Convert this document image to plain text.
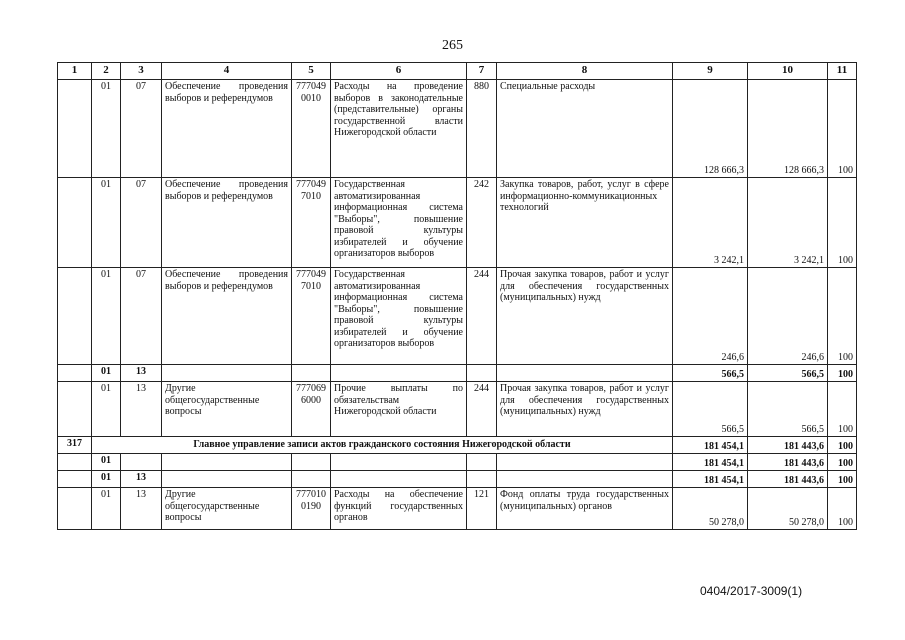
265
1	2	3	4	5	6	7	8	9	10	11
	01	07	Обеспечение проведения выборов и референдумов	777049 0010	Расходы на проведение выборов в законодательные (представительные) органы государственной власти Нижегородской области	880	Специальные расходы	128 666,3	128 666,3	100
	01	07	Обеспечение проведения выборов и референдумов	777049 7010	Государственная автоматизированная информационная система "Выборы", повышение правовой культуры избирателей и обучение организаторов выборов	242	Закупка товаров, работ, услуг в сфере информационно-коммуникационных технологий	3 242,1	3 242,1	100
	01	07	Обеспечение проведения выборов и референдумов	777049 7010	Государственная автоматизированная информационная система "Выборы", повышение правовой культуры избирателей и обучение организаторов выборов	244	Прочая закупка товаров, работ и услуг для обеспечения государственных (муниципальных) нужд	246,6	246,6	100
	01	13						566,5	566,5	100
	01	13	Другие общегосударственные вопросы	777069 6000	Прочие выплаты по обязательствам Нижегородской области	244	Прочая закупка товаров, работ и услуг для обеспечения государственных (муниципальных) нужд	566,5	566,5	100
317	Главное управление записи актов гражданского состояния Нижегородской области							181 454,1	181 443,6	100
	01							181 454,1	181 443,6	100
	01	13						181 454,1	181 443,6	100
	01	13	Другие общегосударственные вопросы	777010 0190	Расходы на обеспечение функций государственных органов	121	Фонд оплаты труда государственных (муниципальных) органов	50 278,0	50 278,0	100
0404/2017-3009(1)
